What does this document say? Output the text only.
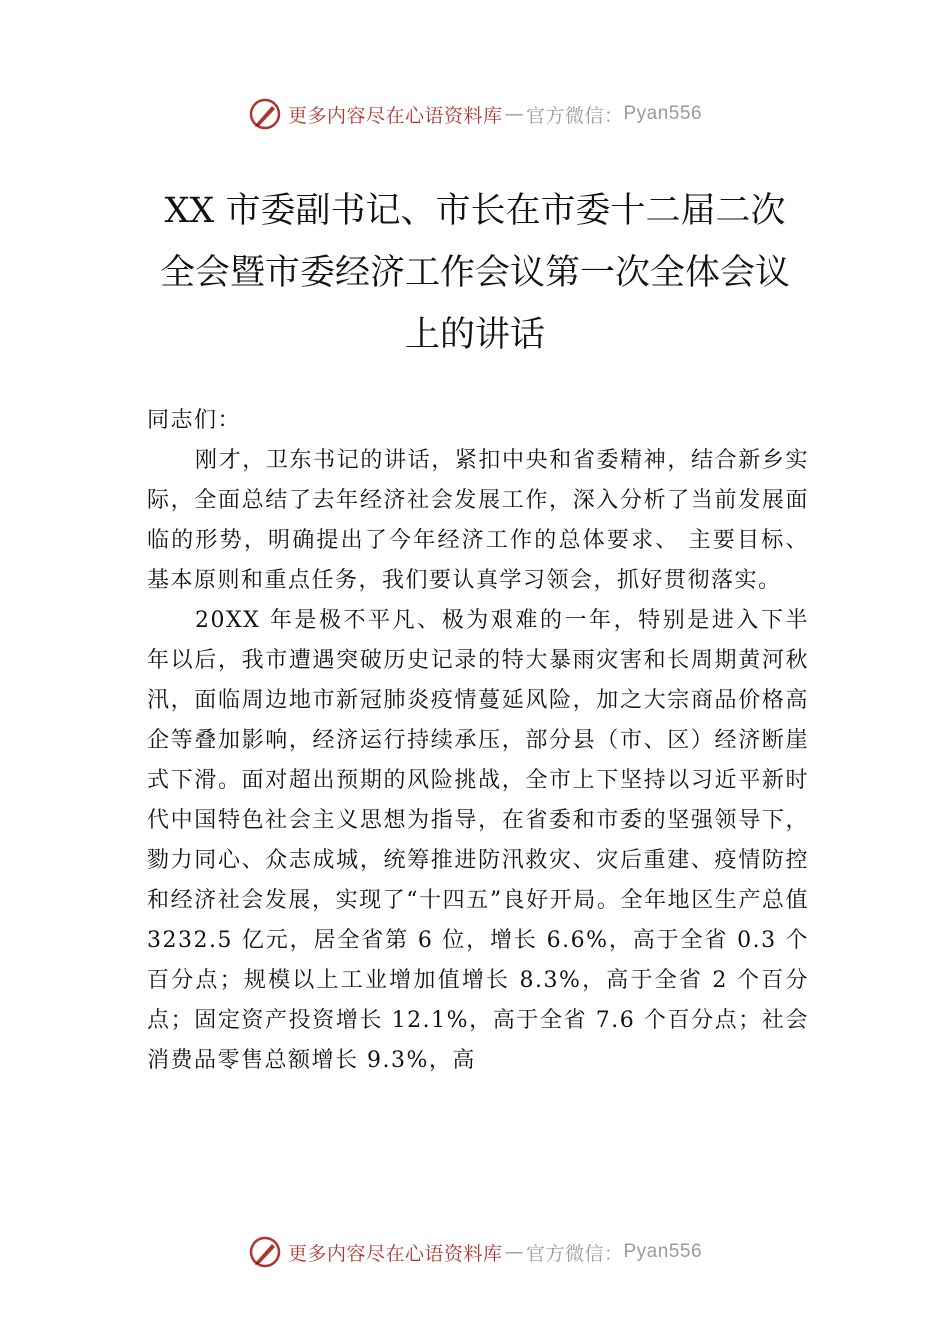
更多内容尽在心语资料库 — 官方微信： Pyan556
XX 市委副书记、市长在市委十二届二次
全会暨市委经济工作会议第一次全体会议
上的讲话

同志们：

刚才，卫东书记的讲话，紧扣中央和省委精神，结合新乡实际，全面总结了去年经济社会发展工作，深入分析了当前发展面临的形势，明确提出了今年经济工作的总体要求、 主要目标、基本原则和重点任务，我们要认真学习领会，抓好贯彻落实。

20XX 年是极不平凡、极为艰难的一年，特别是进入下半年以后，我市遭遇突破历史记录的特大暴雨灾害和长周期黄河秋汛，面临周边地市新冠肺炎疫情蔓延风险，加之大宗商品价格高企等叠加影响，经济运行持续承压，部分县（市、区）经济断崖式下滑。面对超出预期的风险挑战，全市上下坚持以习近平新时代中国特色社会主义思想为指导，在省委和市委的坚强领导下，勠力同心、众志成城，统筹推进防汛救灾、灾后重建、疫情防控和经济社会发展，实现了“十四五”良好开局。全年地区生产总值 3232.5 亿元，居全省第 6 位，增长 6.6%，高于全省 0.3 个百分点；规模以上工业增加值增长 8.3%，高于全省 2 个百分点；固定资产投资增长 12.1%，高于全省 7.6 个百分点；社会消费品零售总额增长 9.3%，高

更多内容尽在心语资料库 — 官方微信： Pyan556
